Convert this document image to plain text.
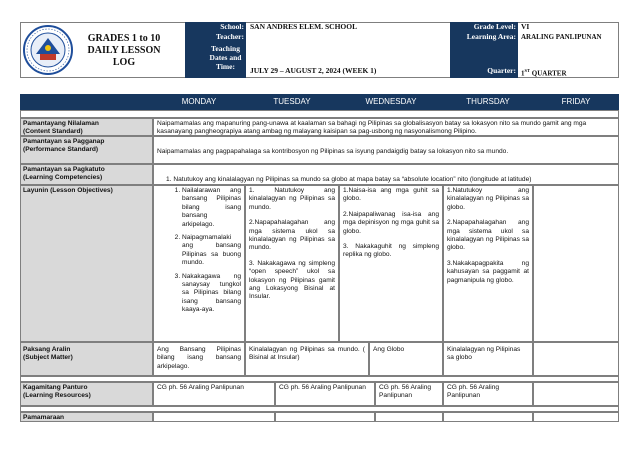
GRADES 1 to 10
DAILY LESSON LOG
School:
Teacher:
Teaching Dates and Time:
SAN ANDRES ELEM. SCHOOL
JULY 29 – AUGUST 2, 2024 (WEEK 1)
Grade Level:
Learning Area:
Quarter:
VI
ARALING PANLIPUNAN
1ST QUARTER
MONDAY	TUESDAY	WEDNESDAY	THURSDAY	FRIDAY
Pamantayang Nilalaman
(Content Standard)
Naipamamalas ang mapanuring pang-unawa at kaalaman sa bahagi ng Pilipinas sa globalisasyon batay sa lokasyon nito sa mundo gamit ang mga kasanayang pangheograpiya atang ambag ng malayang kaisipan sa pag-usbong ng nasyonalismong Pilipino.
Pamantayan sa Pagganap
(Performance Standard)	Naipamamalas ang pagpapahalaga sa kontribosyon ng Pilipinas sa isyung pandaigdig batay sa lokasyon nito sa mundo.
Pamantayan sa Pagkatuto
(Learning Competencies)	1. Natutukoy ang kinalalagyan ng Pilipinas sa mundo sa globo at mapa batay sa “absolute location” nito (longitude at latitude)
Layunin (Lesson Objectives)
1.	Nailalarawan ang bansang Pilipinas bilang isang bansang arkipelago.
2. Naipagmamalaki ang bansang Pilipinas sa buong mundo.
3. Nakakagawa ng sanaysay tungkol sa Pilipinas bilang isang bansang kaaya-aya.

1. Natutukoy ang kinalalagyan ng Pilipinas sa mundo.

2.Napapahalagahan ang mga sistema ukol sa kinalalagyan ng Pilipinas sa mundo.

3. Nakakagawa ng simpleng “open speech” ukol sa lokasyon ng Pilipinas gamit ang Lokasyong Bisinal at Insular.

1.Naisa-isa ang mga guhit sa globo.

2.Naipapaliwanag isa-isa ang mga depinisyon ng mga guhit sa globo.

3. Nakakaguhit ng simpleng replika ng globo.

1.Natutukoy ang kinalalagyan ng Pilipinas sa globo.

2.Napapahalagahan ang mga sistema ukol sa kinalalagyan ng Pilipinas sa globo.

3.Nakakapagpakita ng kahusayan sa paggamit at pagmanipula ng globo.

Paksang Aralin
(Subject Matter)
Ang Bansang Pilipinas bilang isang bansang arkipelago.
Kinalalagyan ng Pilipinas sa mundo. ( Bisinal at Insular)
Ang Globo	Kinalalagyan ng Pilipinas sa globo
Kagamitang Panturo
(Learning Resources)
CG ph. 56 Araling Panlipunan	CG ph. 56 Araling Panlipunan	CG ph. 56 Araling Panlipunan
CG ph. 56 Araling Panlipunan
Pamamaraan
